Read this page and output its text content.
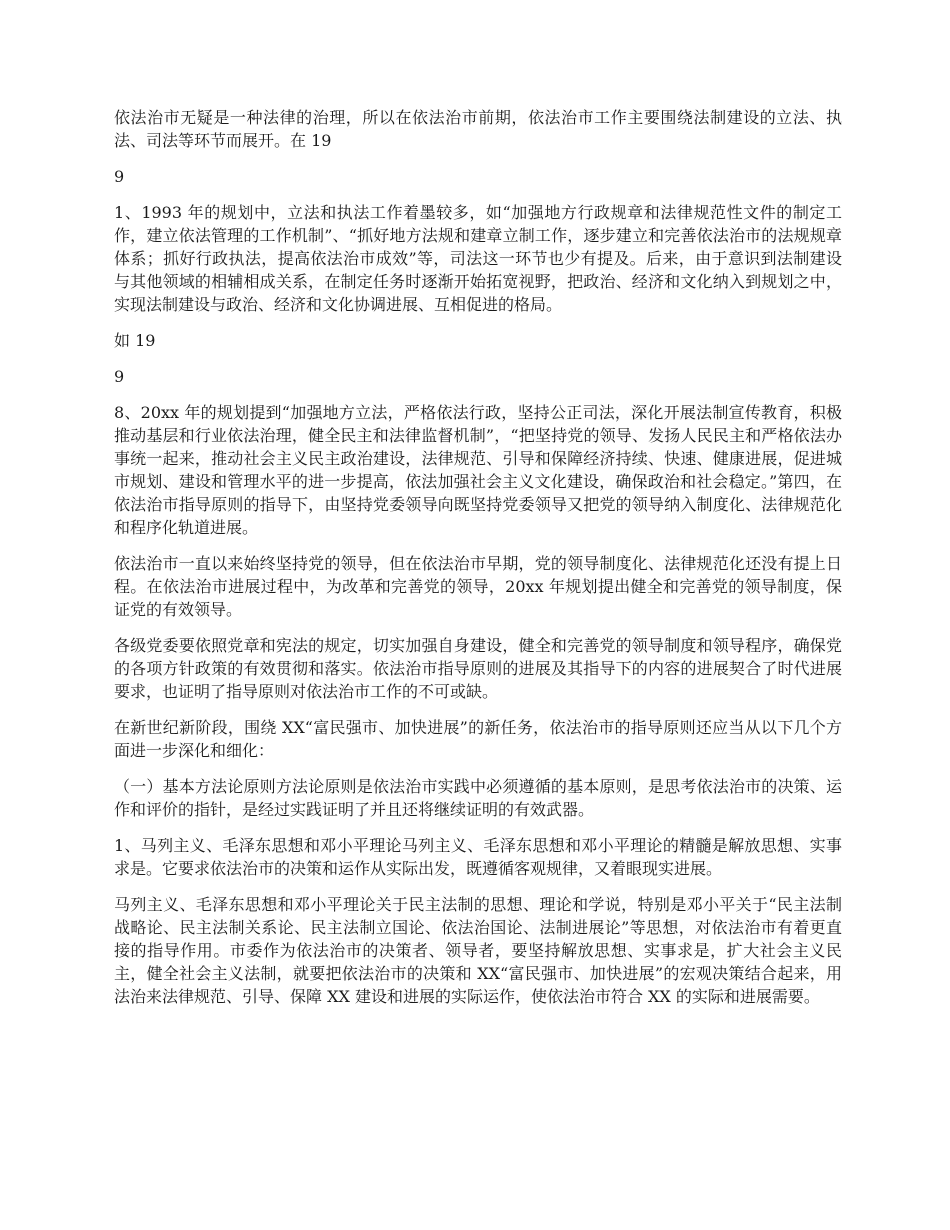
依法治市无疑是一种法律的治理，所以在依法治市前期，依法治市工作主要围绕法制建设的立法、执法、司法等环节而展开。在 19

9

1、1993 年的规划中，立法和执法工作着墨较多，如“加强地方行政规章和法律规范性文件的制定工作，建立依法管理的工作机制”、“抓好地方法规和建章立制工作，逐步建立和完善依法治市的法规规章体系；抓好行政执法，提高依法治市成效”等，司法这一环节也少有提及。后来，由于意识到法制建设与其他领域的相辅相成关系，在制定任务时逐渐开始拓宽视野，把政治、经济和文化纳入到规划之中，实现法制建设与政治、经济和文化协调进展、互相促进的格局。

如 19

9

8、20xx 年的规划提到“加强地方立法，严格依法行政，坚持公正司法，深化开展法制宣传教育，积极推动基层和行业依法治理，健全民主和法律监督机制”，“把坚持党的领导、发扬人民民主和严格依法办事统一起来，推动社会主义民主政治建设，法律规范、引导和保障经济持续、快速、健康进展，促进城市规划、建设和管理水平的进一步提高，依法加强社会主义文化建设，确保政治和社会稳定。”第四，在依法治市指导原则的指导下，由坚持党委领导向既坚持党委领导又把党的领导纳入制度化、法律规范化和程序化轨道进展。

依法治市一直以来始终坚持党的领导，但在依法治市早期，党的领导制度化、法律规范化还没有提上日程。在依法治市进展过程中，为改革和完善党的领导，20xx 年规划提出健全和完善党的领导制度，保证党的有效领导。

各级党委要依照党章和宪法的规定，切实加强自身建设，健全和完善党的领导制度和领导程序，确保党的各项方针政策的有效贯彻和落实。依法治市指导原则的进展及其指导下的内容的进展契合了时代进展要求，也证明了指导原则对依法治市工作的不可或缺。

在新世纪新阶段，围绕 XX“富民强市、加快进展”的新任务，依法治市的指导原则还应当从以下几个方面进一步深化和细化：

（一）基本方法论原则方法论原则是依法治市实践中必须遵循的基本原则，是思考依法治市的决策、运作和评价的指针，是经过实践证明了并且还将继续证明的有效武器。

1、马列主义、毛泽东思想和邓小平理论马列主义、毛泽东思想和邓小平理论的精髓是解放思想、实事求是。它要求依法治市的决策和运作从实际出发，既遵循客观规律，又着眼现实进展。

马列主义、毛泽东思想和邓小平理论关于民主法制的思想、理论和学说，特别是邓小平关于“民主法制战略论、民主法制关系论、民主法制立国论、依法治国论、法制进展论”等思想，对依法治市有着更直接的指导作用。市委作为依法治市的决策者、领导者，要坚持解放思想、实事求是，扩大社会主义民主，健全社会主义法制，就要把依法治市的决策和 XX“富民强市、加快进展”的宏观决策结合起来，用法治来法律规范、引导、保障 XX 建设和进展的实际运作，使依法治市符合 XX 的实际和进展需要。
